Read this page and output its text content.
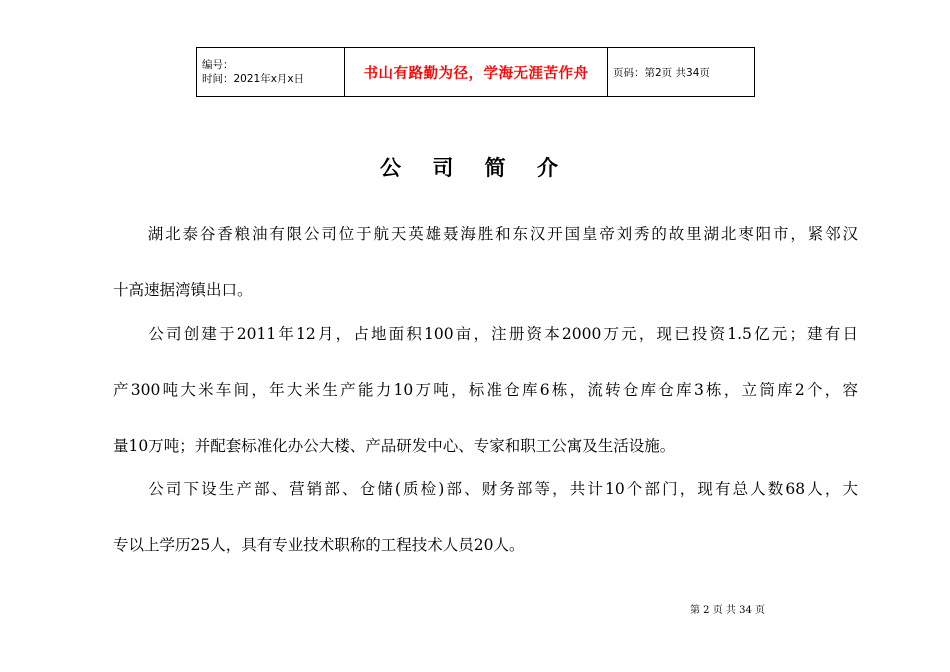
编号：
时间：2021年x月x日	书山有路勤为径，学海无涯苦作舟	页码：第2页 共34页
公 司 简 介
　　湖北泰谷香粮油有限公司位于航天英雄聂海胜和东汉开国皇帝刘秀的故里湖北枣阳市，紧邻汉
十高速据湾镇出口。
　　公司创建于2011年12月，占地面积100亩，注册资本2000万元，现已投资1.5亿元；建有日
产300吨大米车间，年大米生产能力10万吨，标准仓库6栋，流转仓库仓库3栋，立筒库2个，容
量10万吨；并配套标准化办公大楼、产品研发中心、专家和职工公寓及生活设施。
　　公司下设生产部、营销部、仓储(质检)部、财务部等，共计10个部门，现有总人数68人，大
专以上学历25人，具有专业技术职称的工程技术人员20人。
第 2 页 共 34 页
